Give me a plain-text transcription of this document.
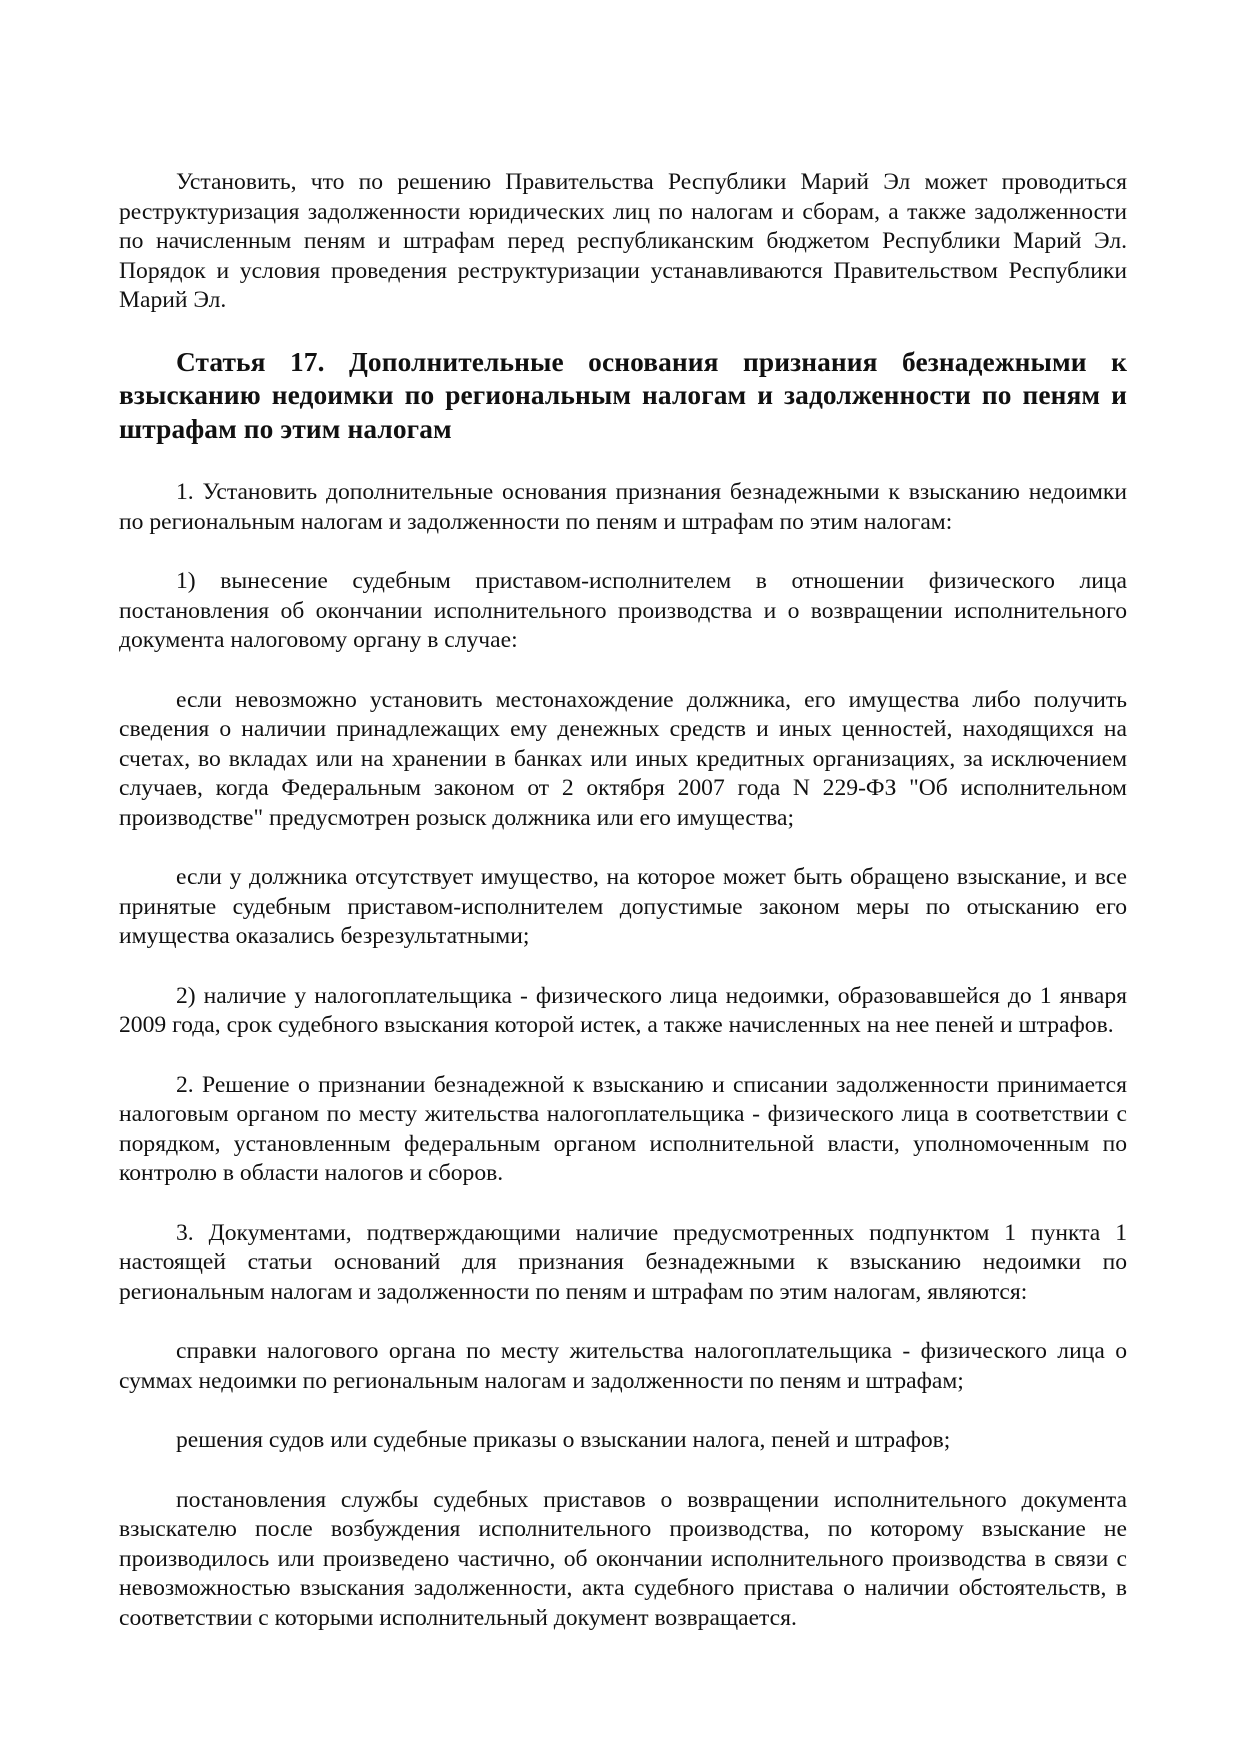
Установить, что по решению Правительства Республики Марий Эл может проводиться реструктуризация задолженности юридических лиц по налогам и сборам, а также задолженности по начисленным пеням и штрафам перед республиканским бюджетом Республики Марий Эл. Порядок и условия проведения реструктуризации устанавливаются Правительством Республики Марий Эл.

Статья 17. Дополнительные основания признания безнадежными к взысканию недоимки по региональным налогам и задолженности по пеням и штрафам по этим налогам

1. Установить дополнительные основания признания безнадежными к взысканию недоимки по региональным налогам и задолженности по пеням и штрафам по этим налогам:

1) вынесение судебным приставом-исполнителем в отношении физического лица постановления об окончании исполнительного производства и о возвращении исполнительного документа налоговому органу в случае:

если невозможно установить местонахождение должника, его имущества либо получить сведения о наличии принадлежащих ему денежных средств и иных ценностей, находящихся на счетах, во вкладах или на хранении в банках или иных кредитных организациях, за исключением случаев, когда Федеральным законом от 2 октября 2007 года N 229-ФЗ "Об исполнительном производстве" предусмотрен розыск должника или его имущества;

если у должника отсутствует имущество, на которое может быть обращено взыскание, и все принятые судебным приставом-исполнителем допустимые законом меры по отысканию его имущества оказались безрезультатными;

2) наличие у налогоплательщика - физического лица недоимки, образовавшейся до 1 января 2009 года, срок судебного взыскания которой истек, а также начисленных на нее пеней и штрафов.

2. Решение о признании безнадежной к взысканию и списании задолженности принимается налоговым органом по месту жительства налогоплательщика - физического лица в соответствии с порядком, установленным федеральным органом исполнительной власти, уполномоченным по контролю в области налогов и сборов.

3. Документами, подтверждающими наличие предусмотренных подпунктом 1 пункта 1 настоящей статьи оснований для признания безнадежными к взысканию недоимки по региональным налогам и задолженности по пеням и штрафам по этим налогам, являются:

справки налогового органа по месту жительства налогоплательщика - физического лица о суммах недоимки по региональным налогам и задолженности по пеням и штрафам;

решения судов или судебные приказы о взыскании налога, пеней и штрафов;

постановления службы судебных приставов о возвращении исполнительного документа взыскателю после возбуждения исполнительного производства, по которому взыскание не производилось или произведено частично, об окончании исполнительного производства в связи с невозможностью взыскания задолженности, акта судебного пристава о наличии обстоятельств, в соответствии с которыми исполнительный документ возвращается.
